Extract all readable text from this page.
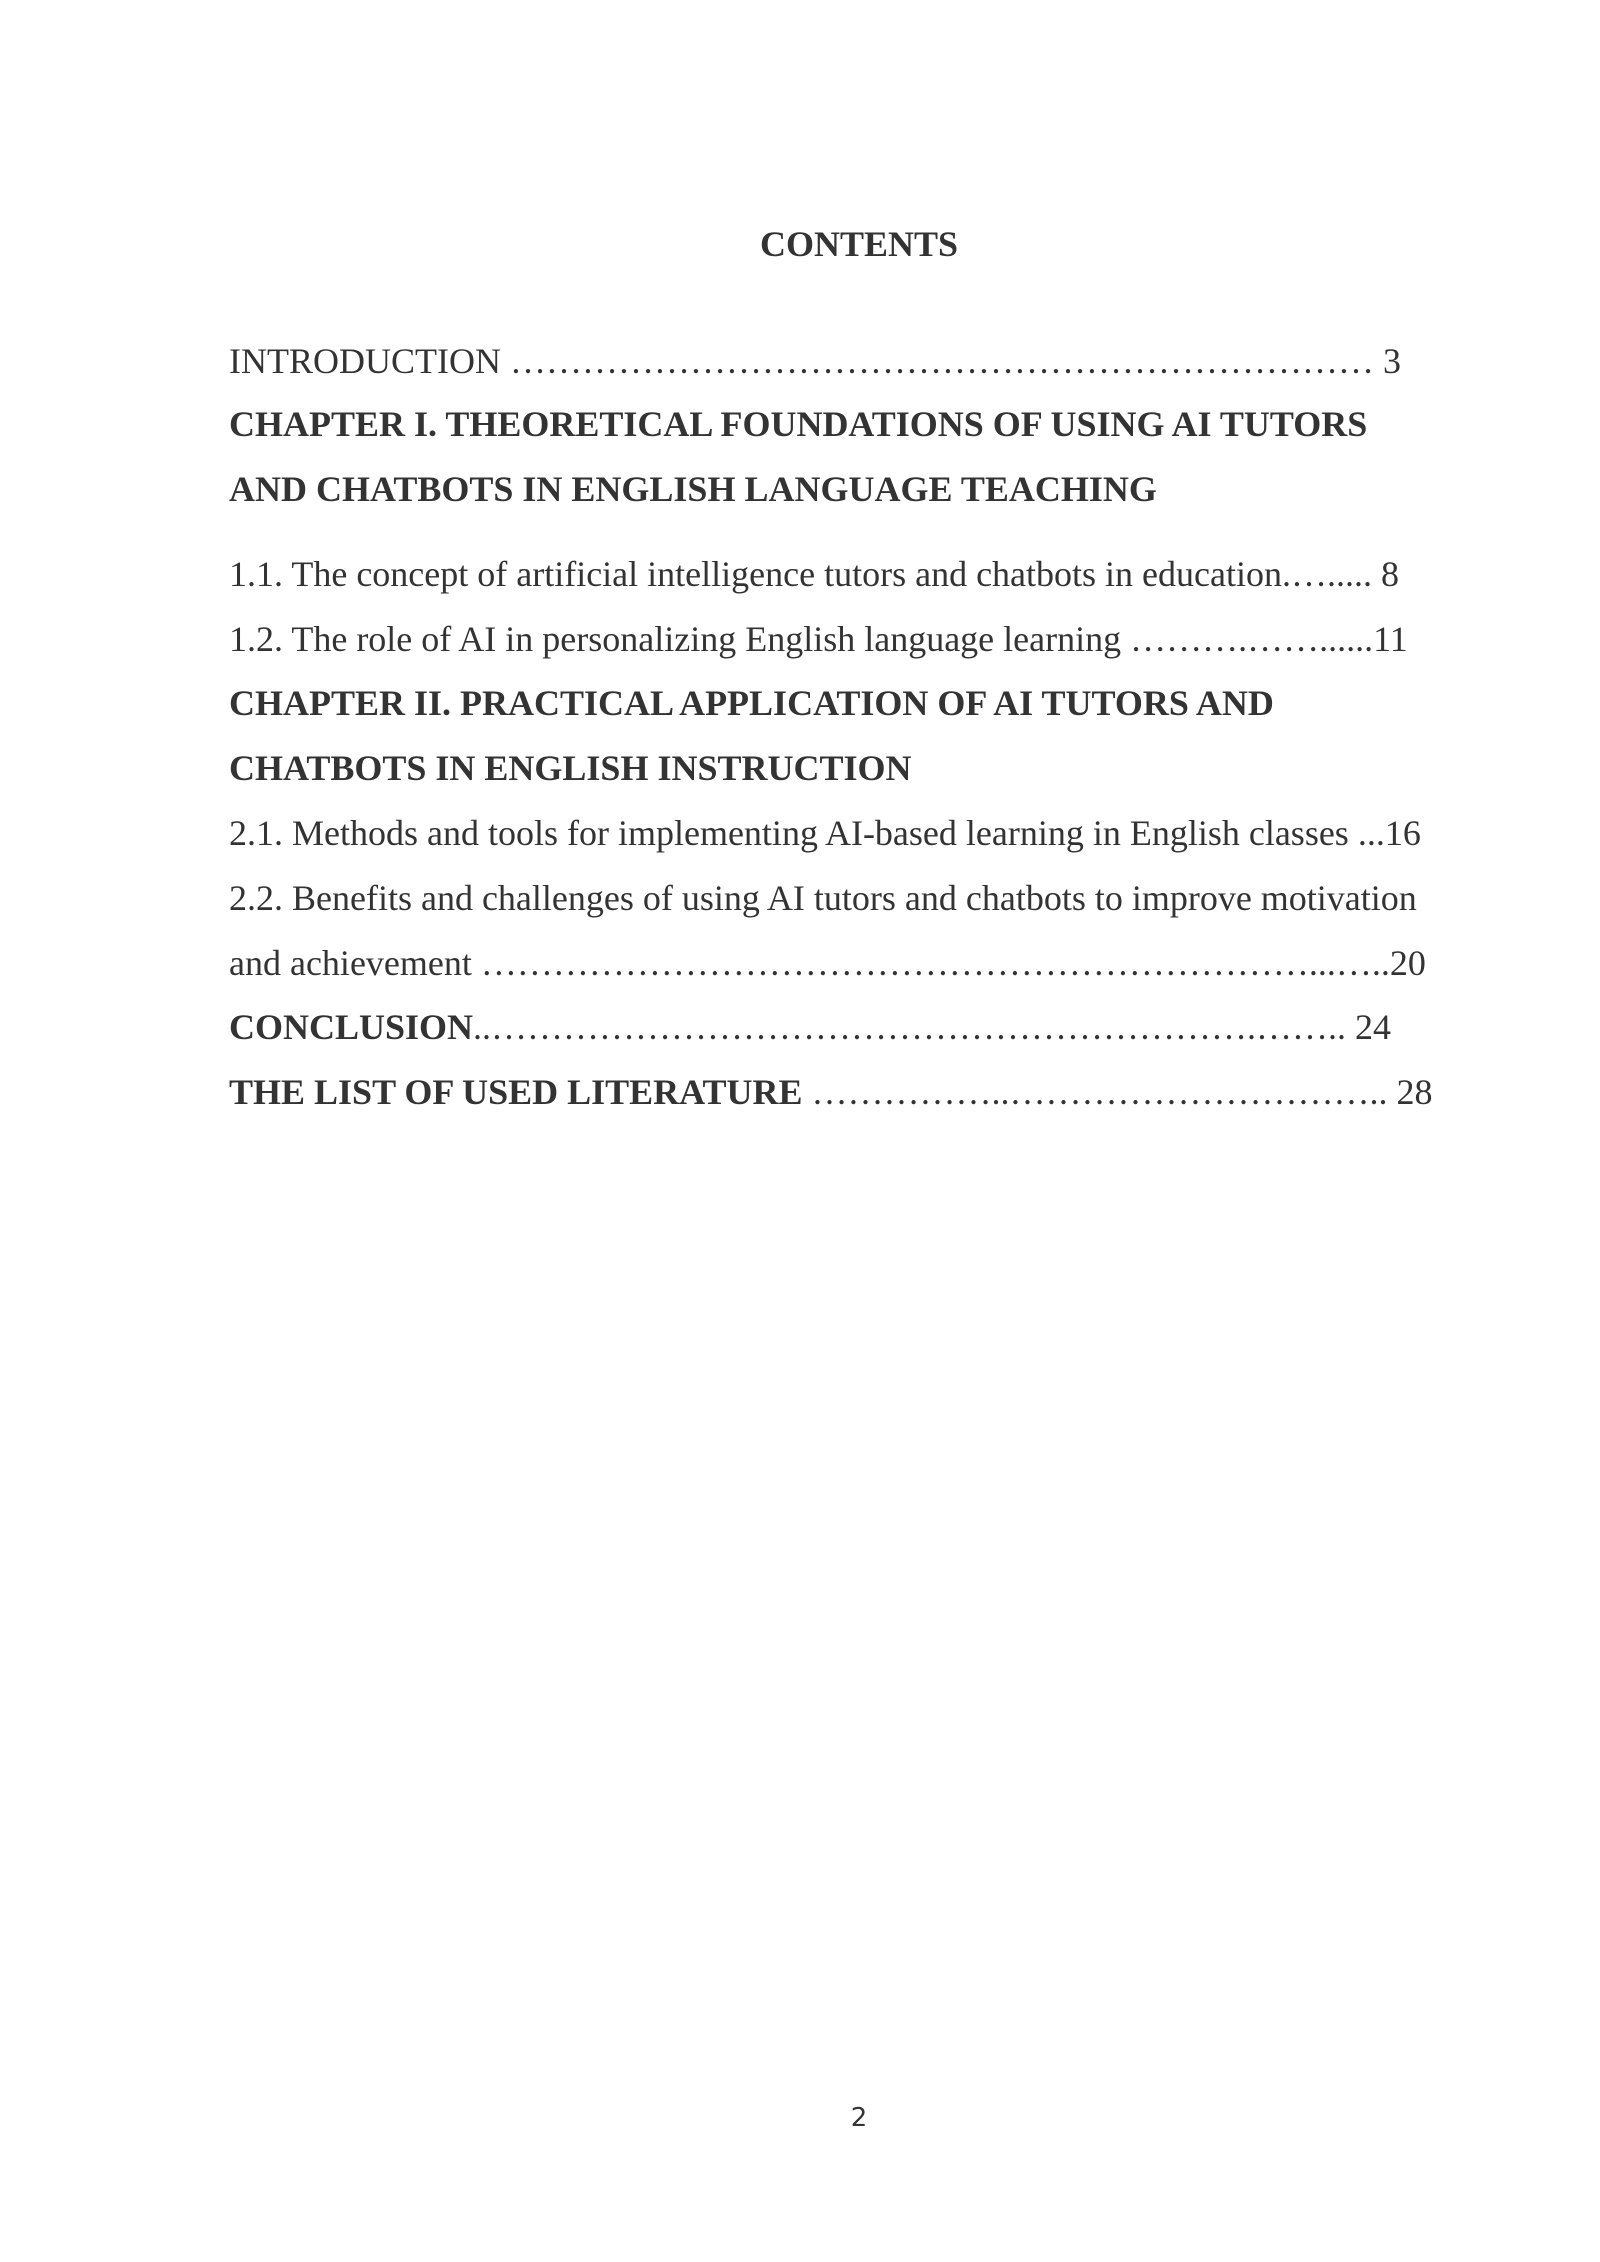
CONTENTS

INTRODUCTION ……………………………………………………………… 3

CHAPTER I. THEORETICAL FOUNDATIONS OF USING AI TUTORS

AND CHATBOTS IN ENGLISH LANGUAGE TEACHING

1.1. The concept of artificial intelligence tutors and chatbots in education.…..... 8

1.2. The role of AI in personalizing English language learning ……….……......11

CHAPTER II. PRACTICAL APPLICATION OF AI TUTORS AND

CHATBOTS IN ENGLISH INSTRUCTION

2.1. Methods and tools for implementing AI-based learning in English classes ...16

2.2. Benefits and challenges of using AI tutors and chatbots to improve motivation

and achievement ……………………………………………………………...…..20

CONCLUSION..……………………………………………………….…….. 24

THE LIST OF USED LITERATURE ……………..………………………….. 28

2
